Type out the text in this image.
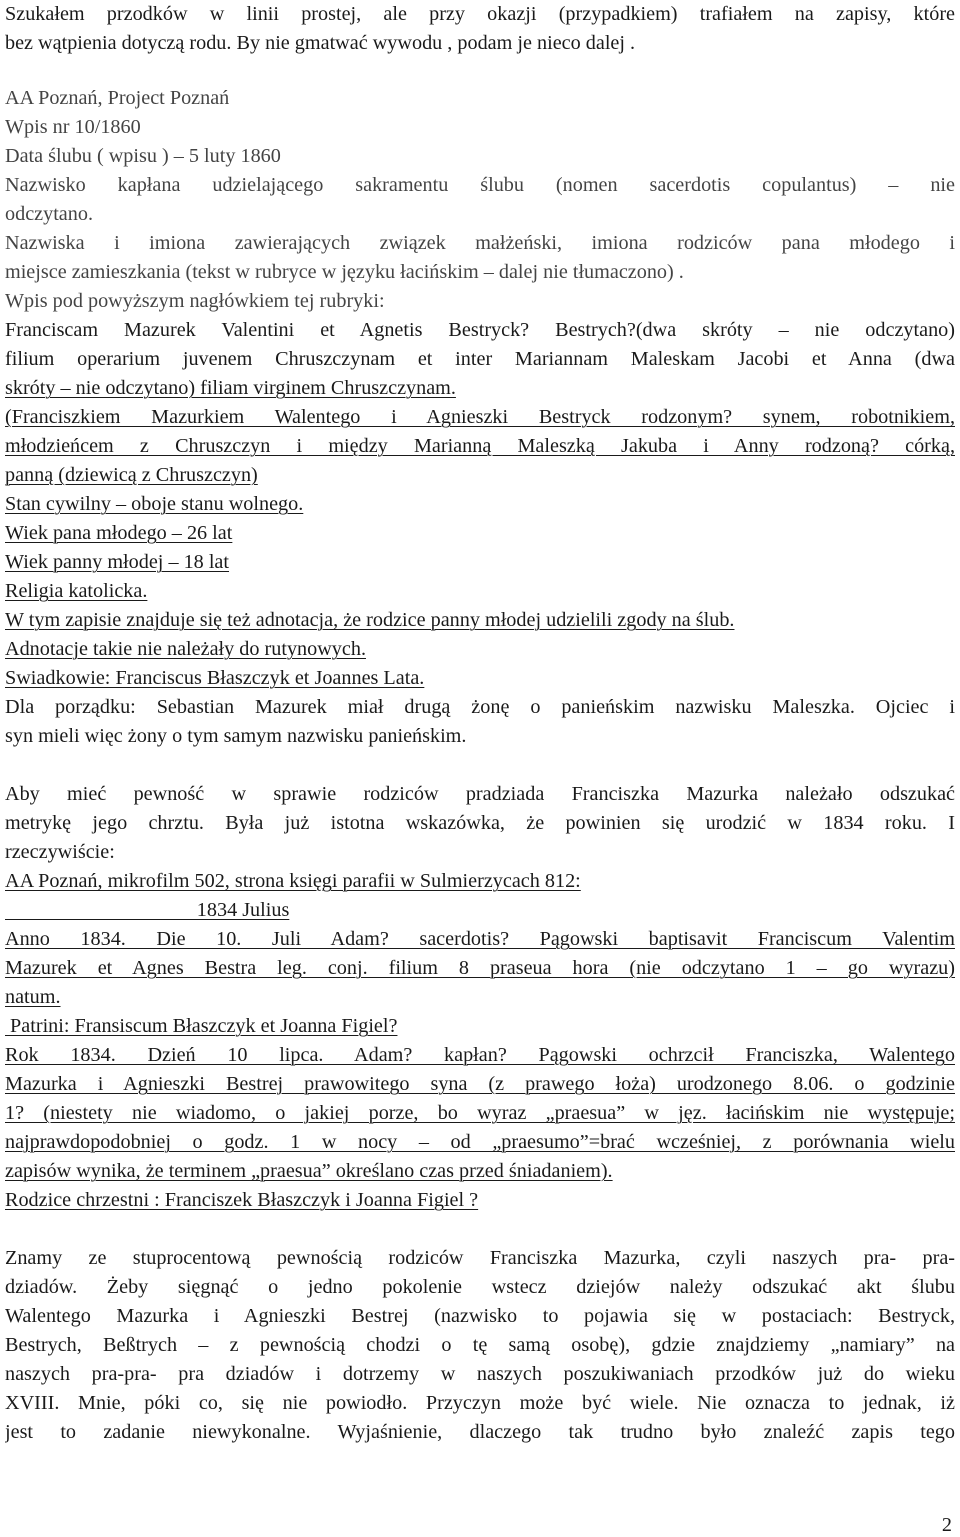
2
Szukałem przodków w linii prostej, ale przy okazji (przypadkiem) trafiałem na zapisy, które
bez wątpienia dotyczą rodu. By nie gmatwać wywodu , podam je nieco dalej .
AA Poznań, Project Poznań
Wpis nr 10/1860
Data ślubu ( wpisu ) – 5 luty 1860
Nazwisko kapłana udzielającego sakramentu ślubu (nomen sacerdotis copulantus) – nie
odczytano.
Nazwiska i imiona zawierających związek małżeński, imiona rodziców pana młodego i
miejsce zamieszkania (tekst w rubryce w języku łacińskim – dalej nie tłumaczono) .
Wpis pod powyższym nagłówkiem tej rubryki:
Franciscam Mazurek Valentini et Agnetis Bestryck? Bestrych?(dwa skróty – nie odczytano)
filium operarium juvenem Chruszczynam et inter Mariannam Maleskam Jacobi et Anna (dwa
skróty – nie odczytano) filiam virginem Chruszczynam.
(Franciszkiem Mazurkiem Walentego i Agnieszki Bestryck rodzonym? synem, robotnikiem,
młodzieńcem z Chruszczyn i między Marianną Maleszką Jakuba i Anny rodzoną? córką,
panną (dziewicą z Chruszczyn)
Stan cywilny – oboje stanu wolnego.
Wiek pana młodego – 26 lat
Wiek panny młodej – 18 lat
Religia katolicka.
W tym zapisie znajduje się też adnotacja, że rodzice panny młodej udzielili zgody na ślub.
Adnotacje takie nie należały do rutynowych.
Swiadkowie: Franciscus Błaszczyk et Joannes Lata.
Dla porządku: Sebastian Mazurek miał drugą żonę o panieńskim nazwisku Maleszka. Ojciec i
syn mieli więc żony o tym samym nazwisku panieńskim.
Aby mieć pewność w sprawie rodziców pradziada Franciszka Mazurka należało odszukać
metrykę jego chrztu. Była już istotna wskazówka, że powinien się urodzić w 1834 roku. I
rzeczywiście:
AA Poznań, mikrofilm 502, strona księgi parafii w Sulmierzycach 812:
1834 Julius
Anno 1834. Die 10. Juli Adam? sacerdotis? Pągowski baptisavit Franciscum Valentim
Mazurek et Agnes Bestra leg. conj. filium 8 praseua hora (nie odczytano 1 – go wyrazu)
natum.
Patrini: Fransiscum Błaszczyk et Joanna Figiel?
Rok 1834. Dzień 10 lipca. Adam? kapłan? Pągowski ochrzcił Franciszka, Walentego
Mazurka i Agnieszki Bestrej prawowitego syna (z prawego łoża) urodzonego 8.06. o godzinie
1? (niestety nie wiadomo, o jakiej porze, bo wyraz „praesua” w jęz. łacińskim nie występuje;
najprawdopodobniej o godz. 1 w nocy – od „praesumo”=brać wcześniej, z porównania wielu
zapisów wynika, że terminem „praesua” określano czas przed śniadaniem).
Rodzice chrzestni : Franciszek Błaszczyk i Joanna Figiel ?
Znamy ze stuprocentową pewnością rodziców Franciszka Mazurka, czyli naszych pra- pra-
dziadów. Żeby sięgnąć o jedno pokolenie wstecz dziejów należy odszukać akt ślubu
Walentego Mazurka i Agnieszki Bestrej (nazwisko to pojawia się w postaciach: Bestryck,
Bestrych, Beßtrych – z pewnością chodzi o tę samą osobę), gdzie znajdziemy „namiary” na
naszych pra-pra- pra dziadów i dotrzemy w naszych poszukiwaniach przodków już do wieku
XVIII. Mnie, póki co, się nie powiodło. Przyczyn może być wiele. Nie oznacza to jednak, iż
jest to zadanie niewykonalne. Wyjaśnienie, dlaczego tak trudno było znaleźć zapis tego
